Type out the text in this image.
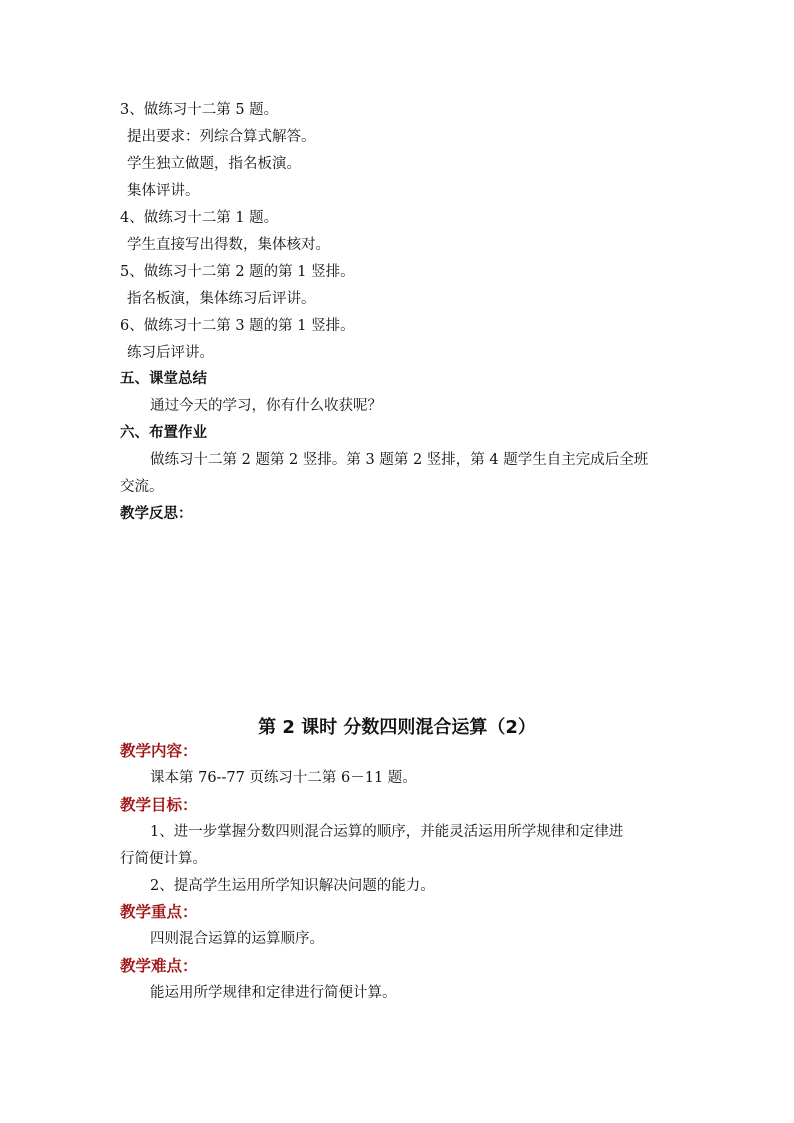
3、做练习十二第 5 题。
提出要求：列综合算式解答。
学生独立做题，指名板演。
集体评讲。
4、做练习十二第 1 题。
学生直接写出得数，集体核对。
5、做练习十二第 2 题的第 1 竖排。
指名板演，集体练习后评讲。
6、做练习十二第 3 题的第 1 竖排。
练习后评讲。
五、课堂总结
通过今天的学习，你有什么收获呢？
六、布置作业
做练习十二第 2 题第 2 竖排。第 3 题第 2 竖排，第 4 题学生自主完成后全班
交流。
教学反思：
第 2 课时 分数四则混合运算（2）
教学内容：
课本第 76--77 页练习十二第 6－11 题。
教学目标：
1、进一步掌握分数四则混合运算的顺序，并能灵活运用所学规律和定律进
行简便计算。
2、提高学生运用所学知识解决问题的能力。
教学重点：
四则混合运算的运算顺序。
教学难点：
能运用所学规律和定律进行简便计算。
